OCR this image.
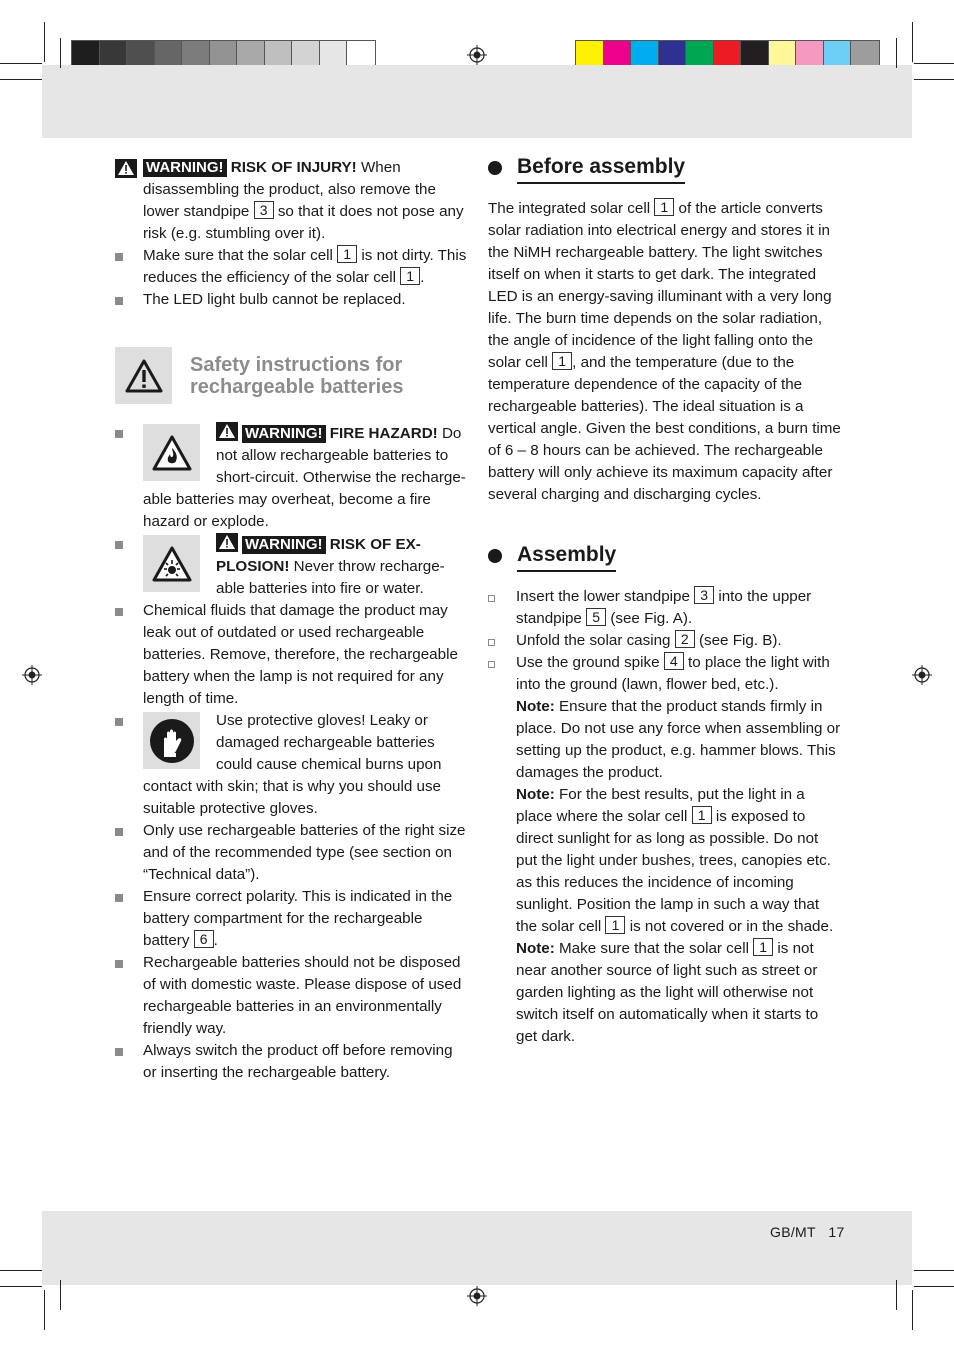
WARNING! RISK OF INJURY! When disassembling the product, also remove the lower standpipe 3 so that it does not pose any risk (e.g. stumbling over it).
Make sure that the solar cell 1 is not dirty. This reduces the efficiency of the solar cell 1 .
The LED light bulb cannot be replaced.
Safety instructions for
rechargeable batteries
WARNING! FIRE HAZARD! Do not allow rechargeable batteries to short-circuit. Otherwise the recharge-able batteries may overheat, become a fire hazard or explode.
WARNING! RISK OF EX-PLOSION! Never throw recharge-able batteries into fire or water.
Chemical fluids that damage the product may leak out of outdated or used rechargeable batteries. Remove, therefore, the rechargeable battery when the lamp is not required for any length of time.
Use protective gloves! Leaky or damaged rechargeable batteries could cause chemical burns upon contact with skin; that is why you should use suitable protective gloves.
Only use rechargeable batteries of the right size and of the recommended type (see section on “Technical data”).
Ensure correct polarity. This is indicated in the battery compartment for the rechargeable battery 6 .
Rechargeable batteries should not be disposed of with domestic waste. Please dispose of used rechargeable batteries in an environmentally friendly way.
Always switch the product off before removing or inserting the rechargeable battery.
Before assembly
The integrated solar cell 1 of the article converts solar radiation into electrical energy and stores it in the NiMH rechargeable battery. The light switches itself on when it starts to get dark. The integrated LED is an energy-saving illuminant with a very long life. The burn time depends on the solar radiation, the angle of incidence of the light falling onto the solar cell 1 , and the temperature (due to the temperature dependence of the capacity of the rechargeable batteries). The ideal situation is a vertical angle. Given the best conditions, a burn time of 6 – 8 hours can be achieved. The rechargeable battery will only achieve its maximum capacity after several charging and discharging cycles.
Assembly
Insert the lower standpipe 3 into the upper standpipe 5 (see Fig. A).
Unfold the solar casing 2 (see Fig. B).
Use the ground spike 4 to place the light with into the ground (lawn, flower bed, etc.).
Note: Ensure that the product stands firmly in place. Do not use any force when assembling or setting up the product, e.g. hammer blows. This damages the product.
Note: For the best results, put the light in a place where the solar cell 1 is exposed to direct sunlight for as long as possible. Do not put the light under bushes, trees, canopies etc. as this reduces the incidence of incoming sunlight. Position the lamp in such a way that the solar cell 1 is not covered or in the shade.
Note: Make sure that the solar cell 1 is not near another source of light such as street or garden lighting as the light will otherwise not switch itself on automatically when it starts to get dark.
GB/MT 17
